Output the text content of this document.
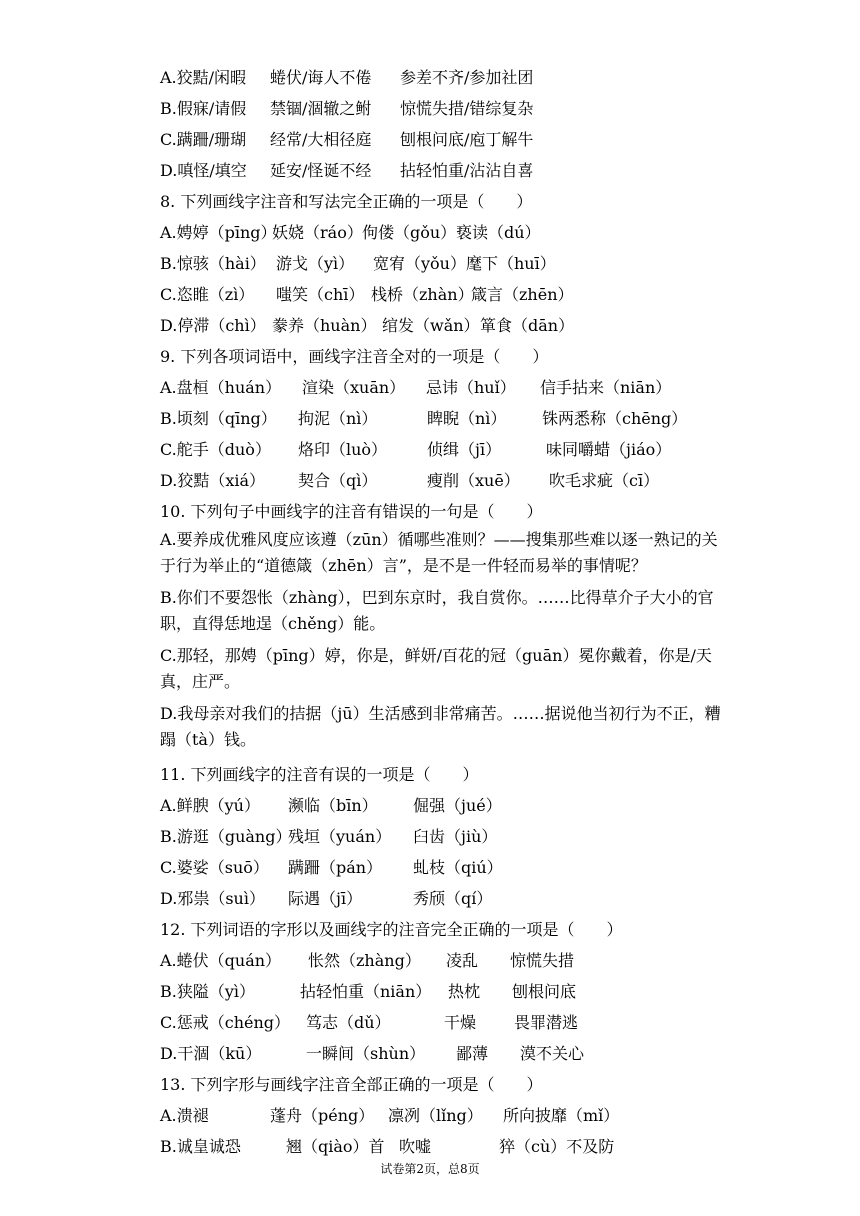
A.狡黠/闲暇 蜷伏/诲人不倦 参差不齐/参加社团
B.假寐/请假 禁锢/涸辙之鲋 惊慌失措/错综复杂
C.蹒跚/珊瑚 经常/大相径庭 刨根问底/庖丁解牛
D.嗔怪/填空 延安/怪诞不经 拈轻怕重/沾沾自喜
8. 下列画线字注音和写法完全正确的一项是（　　）
A.娉婷（pīng）妖娆（ráo）佝偻（gǒu）亵读（dú）
B.惊骇（hài） 游戈（yì） 宽宥（yǒu）麾下（huī）
C.恣睢（zì） 嗤笑（chī） 栈桥（zhàn）箴言（zhēn）
D.停滞（chì） 豢养（huàn） 绾发（wǎn）箪食（dān）
9. 下列各项词语中，画线字注音全对的一项是（　　）
A.盘桓（huán） 渲染（xuān） 忌讳（huǐ） 信手拈来（niān）
B.顷刻（qīng） 拘泥（nì）	睥睨（nì） 铢两悉称（chēng）
C.舵手（duò） 烙印（luò） 侦缉（jī）	味同嚼蜡（jiáo）
D.狡黠（xiá） 契合（qì）	瘦削（xuē） 吹毛求疵（cī）
10. 下列句子中画线字的注音有错误的一句是（　　）
A.要养成优雅风度应该遵（zūn）循哪些准则？——搜集那些难以逐一熟记的关于行为举止的“道德箴（zhēn）言”，是不是一件轻而易举的事情呢？
B.你们不要怨怅（zhàng），巴到东京时，我自赏你。……比得草介子大小的官职，直得恁地逞（chěng）能。
C.那轻，那娉（pīng）婷，你是，鲜妍/百花的冠（guān）冕你戴着，你是/天真，庄严。
D.我母亲对我们的拮据（jū）生活感到非常痛苦。……据说他当初行为不正，糟蹋（tà）钱。
11. 下列画线字的注音有误的一项是（　　）
A.鲜腴（yú） 濒临（bīn） 倔强（jué）
B.游逛（guàng）残垣（yuán） 臼齿（jiù）
C.婆娑（suō） 蹒跚（pán） 虬枝（qiú）
D.邪祟（suì） 际遇（jī）	秀颀（qí）
12. 下列词语的字形以及画线字的注音完全正确的一项是（　　）
A.蜷伏（quán） 怅然（zhàng） 凌乱 惊慌失措
B.狭隘（yì）	拈轻怕重（niān） 热枕 刨根问底
C.惩戒（chéng） 笃志（dǔ）	干燥 畏罪潜逃
D.干涸（kū）	一瞬间（shùn） 鄙薄 漠不关心
13. 下列字形与画线字注音全部正确的一项是（　　）
A.溃褪	蓬舟（péng） 凛冽（lǐng） 所向披靡（mǐ）
B.诚皇诚恐	翘（qiào）首 吹嘘	猝（cù）不及防
试卷第2页，总8页
